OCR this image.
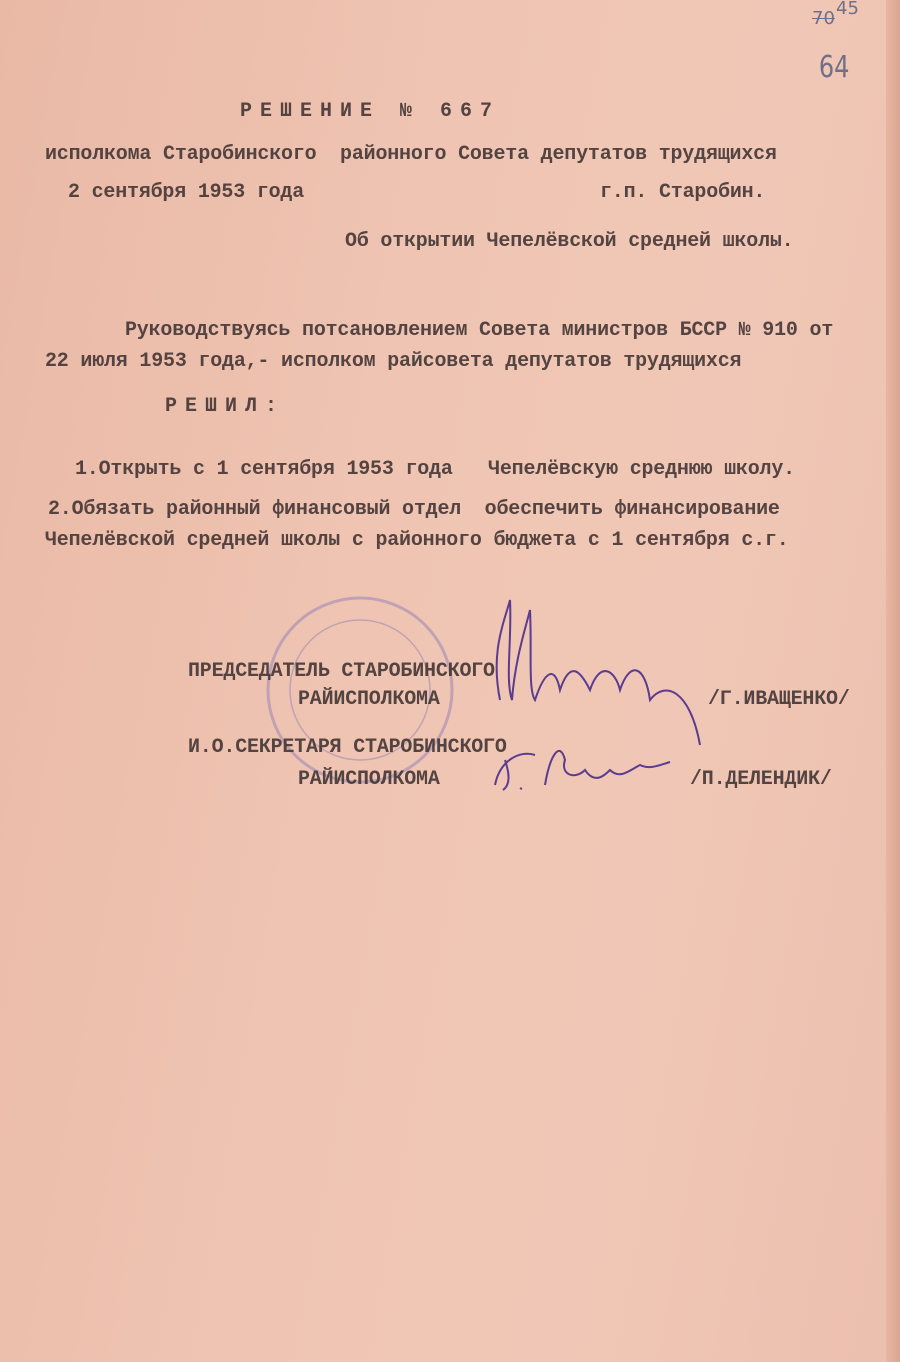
70 45
64
РЕШЕНИЕ № 667
исполкома Старобинского  районного Совета депутатов трудящихся
2 сентября 1953 года	г.п. Старобин.
Об открытии Чепелёвской средней школы.
Руководствуясь потсановлением Совета министров БССР № 910 от
22 июля 1953 года,- исполком райсовета депутатов трудящихся
РЕШИЛ:
1.Открыть с 1 сентября 1953 года   Чепелёвскую среднюю школу.
2.Обязать районный финансовый отдел  обеспечить финансирование
Чепелёвской средней школы с районного бюджета с 1 сентября с.г.
ПРЕДСЕДАТЕЛЬ СТАРОБИНСКОГО
РАЙИСПОЛКОМА	/Г.ИВАЩЕНКО/
И.О.СЕКРЕТАРЯ СТАРОБИНСКОГО
РАЙИСПОЛКОМА	/П.ДЕЛЕНДИК/
